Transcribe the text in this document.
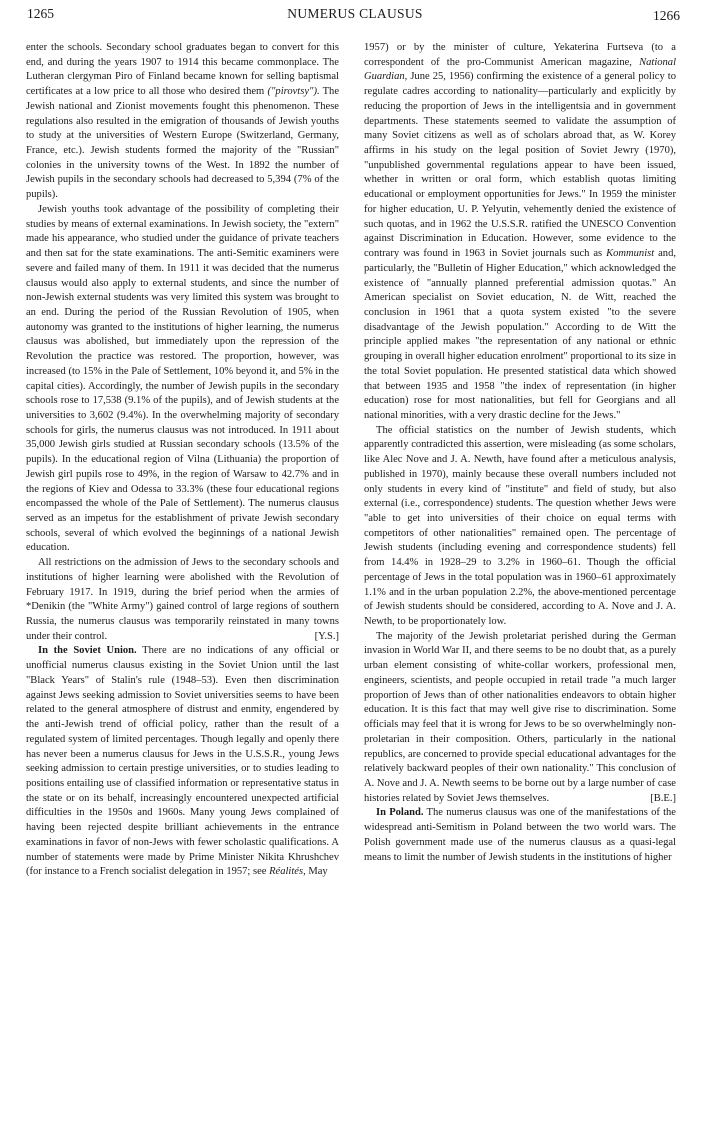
1265	NUMERUS CLAUSUS	1266

enter the schools. Secondary school graduates began to convert for this end, and during the years 1907 to 1914 this became commonplace. The Lutheran clergyman Piro of Finland became known for selling baptismal certificates at a low price to all those who desired them ("pirovtsy"). The Jewish national and Zionist movements fought this phenomenon. These regulations also resulted in the emigration of thousands of Jewish youths to study at the universities of Western Europe (Switzerland, Germany, France, etc.). Jewish students formed the majority of the "Russian" colonies in the university towns of the West. In 1892 the number of Jewish pupils in the secondary schools had decreased to 5,394 (7% of the pupils).

Jewish youths took advantage of the possibility of completing their studies by means of external examinations. In Jewish society, the "extern" made his appearance, who studied under the guidance of private teachers and then sat for the state examinations. The anti-Semitic examiners were severe and failed many of them. In 1911 it was decided that the numerus clausus would also apply to external students, and since the number of non-Jewish external students was very limited this system was brought to an end. During the period of the Russian Revolution of 1905, when autonomy was granted to the institutions of higher learning, the numerus clausus was abolished, but immediately upon the repression of the Revolution the practice was restored. The proportion, however, was increased (to 15% in the Pale of Settlement, 10% beyond it, and 5% in the capital cities). Accordingly, the number of Jewish pupils in the secondary schools rose to 17,538 (9.1% of the pupils), and of Jewish students at the universities to 3,602 (9.4%). In the overwhelming majority of secondary schools for girls, the numerus clausus was not introduced. In 1911 about 35,000 Jewish girls studied at Russian secondary schools (13.5% of the pupils). In the educational region of Vilna (Lithuania) the proportion of Jewish girl pupils rose to 49%, in the region of Warsaw to 42.7% and in the regions of Kiev and Odessa to 33.3% (these four educational regions encompassed the whole of the Pale of Settlement). The numerus clausus served as an impetus for the establishment of private Jewish secondary schools, several of which evolved the beginnings of a national Jewish education.

All restrictions on the admission of Jews to the secondary schools and institutions of higher learning were abolished with the Revolution of February 1917. In 1919, during the brief period when the armies of *Denikin (the "White Army") gained control of large regions of southern Russia, the numerus clausus was temporarily reinstated in many towns under their control.	[Y.S.]

In the Soviet Union. There are no indications of any official or unofficial numerus clausus existing in the Soviet Union until the last "Black Years" of Stalin's rule (1948–53). Even then discrimination against Jews seeking admission to Soviet universities seems to have been related to the general atmosphere of distrust and enmity, engendered by the anti-Jewish trend of official policy, rather than the result of a regulated system of limited percentages. Though legally and openly there has never been a numerus clausus for Jews in the U.S.S.R., young Jews seeking admission to certain prestige universities, or to studies leading to positions entailing use of classified information or representative status in the state or on its behalf, increasingly encountered unexpected artificial difficulties in the 1950s and 1960s. Many young Jews complained of having been rejected despite brilliant achievements in the entrance examinations in favor of non-Jews with fewer scholastic qualifications. A number of statements were made by Prime Minister Nikita Khrushchev (for instance to a French socialist delegation in 1957; see Réalités, May

1957) or by the minister of culture, Yekaterina Furtseva (to a correspondent of the pro-Communist American magazine, National Guardian, June 25, 1956) confirming the existence of a general policy to regulate cadres according to nationality—particularly and explicitly by reducing the proportion of Jews in the intelligentsia and in government departments. These statements seemed to validate the assumption of many Soviet citizens as well as of scholars abroad that, as W. Korey affirms in his study on the legal position of Soviet Jewry (1970), "unpublished governmental regulations appear to have been issued, whether in written or oral form, which establish quotas limiting educational or employment opportunities for Jews." In 1959 the minister for higher education, U. P. Yelyutin, vehemently denied the existence of such quotas, and in 1962 the U.S.S.R. ratified the UNESCO Convention against Discrimination in Education. However, some evidence to the contrary was found in 1963 in Soviet journals such as Kommunist and, particularly, the "Bulletin of Higher Education," which acknowledged the existence of "annually planned preferential admission quotas." An American specialist on Soviet education, N. de Witt, reached the conclusion in 1961 that a quota system existed "to the severe disadvantage of the Jewish population." According to de Witt the principle applied makes "the representation of any national or ethnic grouping in overall higher education enrolment" proportional to its size in the total Soviet population. He presented statistical data which showed that between 1935 and 1958 "the index of representation (in higher education) rose for most nationalities, but fell for Georgians and all national minorities, with a very drastic decline for the Jews."

The official statistics on the number of Jewish students, which apparently contradicted this assertion, were misleading (as some scholars, like Alec Nove and J. A. Newth, have found after a meticulous analysis, published in 1970), mainly because these overall numbers included not only students in every kind of "institute" and field of study, but also external (i.e., correspondence) students. The question whether Jews were "able to get into universities of their choice on equal terms with competitors of other nationalities" remained open. The percentage of Jewish students (including evening and correspondence students) fell from 14.4% in 1928–29 to 3.2% in 1960–61. Though the official percentage of Jews in the total population was in 1960–61 approximately 1.1% and in the urban population 2.2%, the above-mentioned percentage of Jewish students should be considered, according to A. Nove and J. A. Newth, to be proportionately low.

The majority of the Jewish proletariat perished during the German invasion in World War II, and there seems to be no doubt that, as a purely urban element consisting of white-collar workers, professional men, engineers, scientists, and people occupied in retail trade "a much larger proportion of Jews than of other nationalities endeavors to obtain higher education. It is this fact that may well give rise to discrimination. Some officials may feel that it is wrong for Jews to be so overwhelmingly non-proletarian in their composition. Others, particularly in the national republics, are concerned to provide special educational advantages for the relatively backward peoples of their own nationality." This conclusion of A. Nove and J. A. Newth seems to be borne out by a large number of case histories related by Soviet Jews themselves.	[B.E.]

In Poland. The numerus clausus was one of the manifestations of the widespread anti-Semitism in Poland between the two world wars. The Polish government made use of the numerus clausus as a quasi-legal means to limit the number of Jewish students in the institutions of higher
